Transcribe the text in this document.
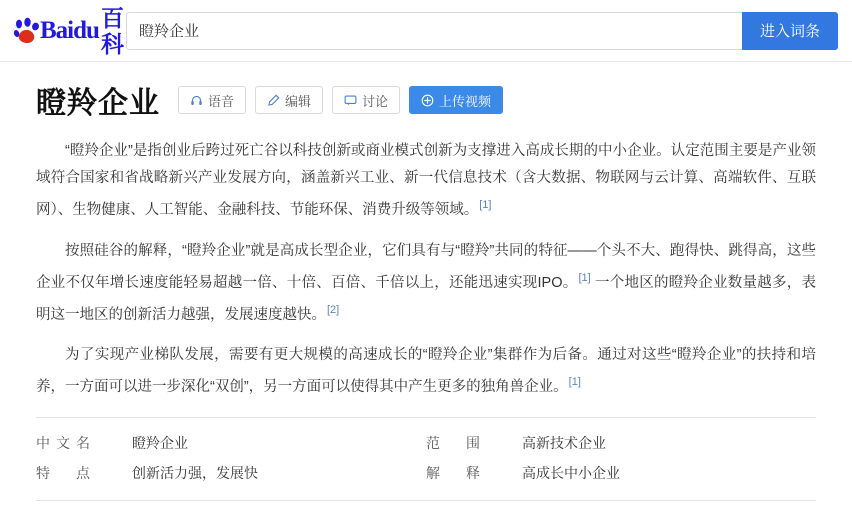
Baidu 百科
瞪羚企业	进入词条
瞪羚企业	语音	编辑	讨论	上传视频

“瞪羚企业”是指创业后跨过死亡谷以科技创新或商业模式创新为支撑进入高成长期的中小企业。认定范围主要是产业领域符合国家和省战略新兴产业发展方向，涵盖新兴工业、新一代信息技术（含大数据、物联网与云计算、高端软件、互联网）、生物健康、人工智能、金融科技、节能环保、消费升级等领域。[1]

按照硅谷的解释，“瞪羚企业”就是高成长型企业，它们具有与“瞪羚”共同的特征——个头不大、跑得快、跳得高，这些企业不仅年增长速度能轻易超越一倍、十倍、百倍、千倍以上，还能迅速实现IPO。[1] 一个地区的瞪羚企业数量越多，表明这一地区的创新活力越强，发展速度越快。[2]

为了实现产业梯队发展，需要有更大规模的高速成长的“瞪羚企业”集群作为后备。通过对这些“瞪羚企业”的扶持和培养，一方面可以进一步深化“双创”，另一方面可以使得其中产生更多的独角兽企业。[1]

中文名	瞪羚企业	范　围	高新技术企业
特　点	创新活力强，发展快	解　释	高成长中小企业
